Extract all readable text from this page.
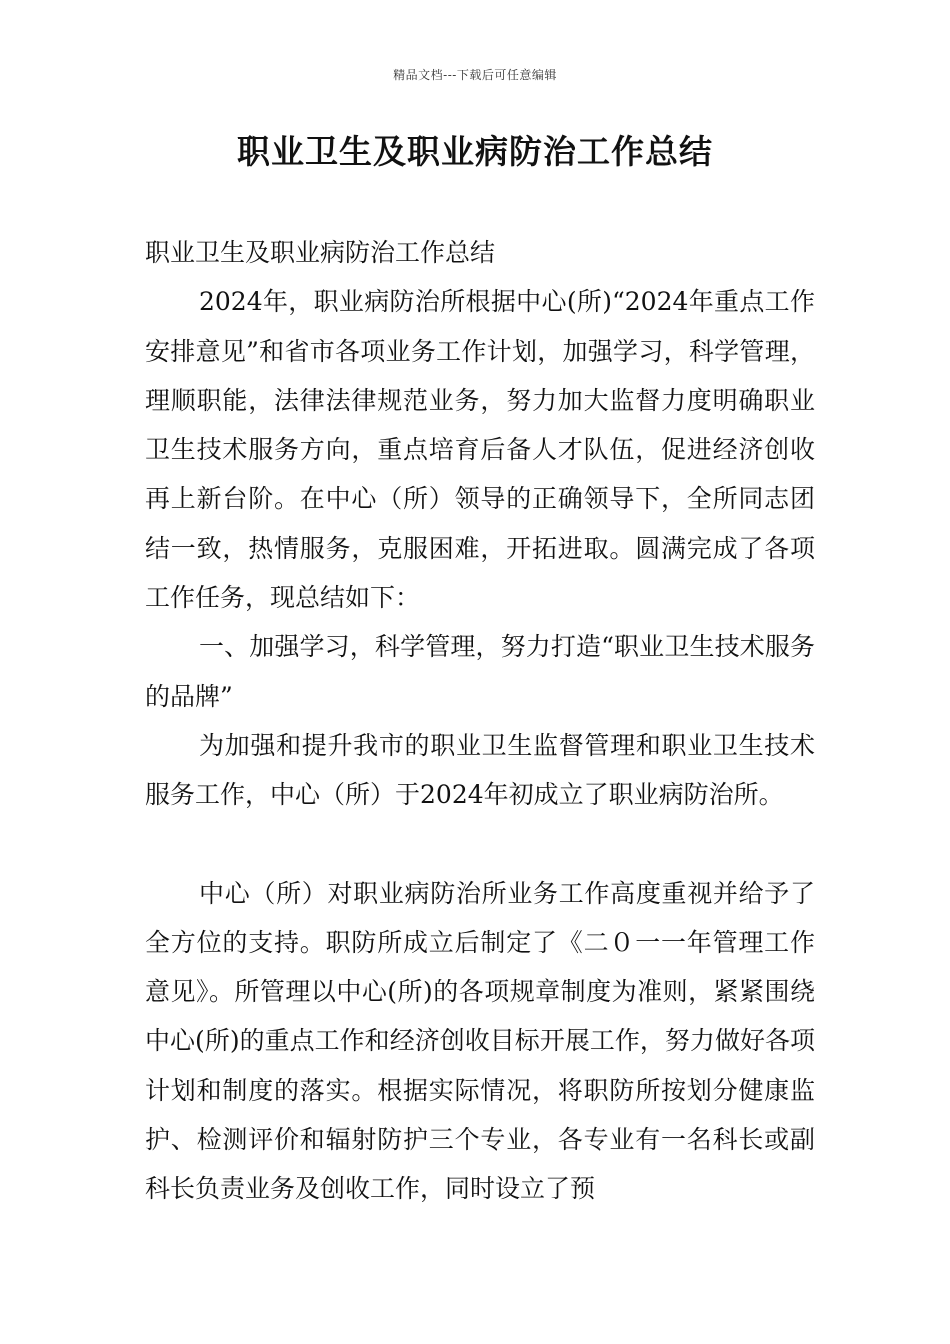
精品文档---下载后可任意编辑
职业卫生及职业病防治工作总结

职业卫生及职业病防治工作总结

2024年，职业病防治所根据中心(所)“2024年重点工作安排意见”和省市各项业务工作计划，加强学习，科学管理，理顺职能，法律法律规范业务，努力加大监督力度明确职业卫生技术服务方向，重点培育后备人才队伍，促进经济创收再上新台阶。在中心（所）领导的正确领导下，全所同志团结一致，热情服务，克服困难，开拓进取。圆满完成了各项工作任务，现总结如下：

一、加强学习，科学管理，努力打造“职业卫生技术服务的品牌”

为加强和提升我市的职业卫生监督管理和职业卫生技术服务工作，中心（所）于2024年初成立了职业病防治所。

中心（所）对职业病防治所业务工作高度重视并给予了全方位的支持。职防所成立后制定了《二０一一年管理工作意见》。所管理以中心(所)的各项规章制度为准则，紧紧围绕中心(所)的重点工作和经济创收目标开展工作，努力做好各项计划和制度的落实。根据实际情况，将职防所按划分健康监护、检测评价和辐射防护三个专业，各专业有一名科长或副科长负责业务及创收工作，同时设立了预
